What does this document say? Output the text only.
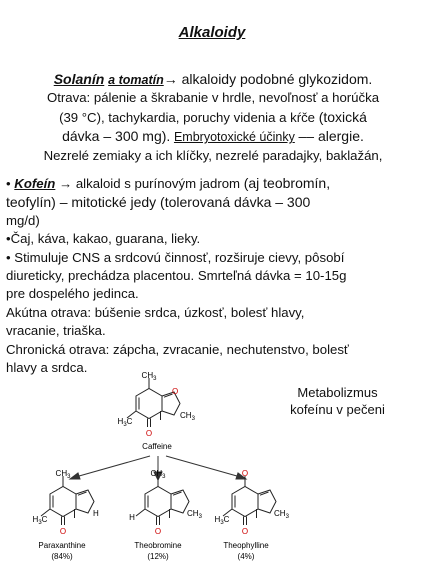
Alkaloidy

Solanín a tomatín→ alkaloidy podobné glykozidom.

Otrava: pálenie a škrabanie v hrdle, nevoľnosť a horúčka

(39 °C), tachykardia, poruchy videnia a kŕče (toxická

dávka – 300 mg). Embryotoxické účinky –– alergie.

Nezrelé zemiaky a ich klíčky, nezrelé paradajky, baklažán,

• Kofeín → alkaloid s purínovým jadrom (aj teobromín,

teofylín) – mitotické jedy (tolerovaná dávka – 300

mg/d)

•Čaj, káva, kakao, guarana, lieky.

• Stimuluje CNS a srdcovú činnosť, rozširuje cievy, pôsobí

diureticky, prechádza placentou. Smrteľná dávka = 10-15g

pre dospelého jedinca.

Akútna otrava: búšenie srdca, úzkosť, bolesť hlavy,

vracanie, triaška.

Chronická otrava: zápcha, zvracanie, nechutenstvo, bolesť

hlavy a srdca.

Metabolizmus
kofeínu v pečeni
$CH_3$
$H_3C$
$CH_3$
O
O
Caffeine
$CH_3$
$H_3C$
H
O
Paraxanthine
(84%)
$CH_3$
H	$CH_3$
O
Theobromine
(12%)
O
$H_3C$
$CH_3$
O
Theophylline
(4%)
